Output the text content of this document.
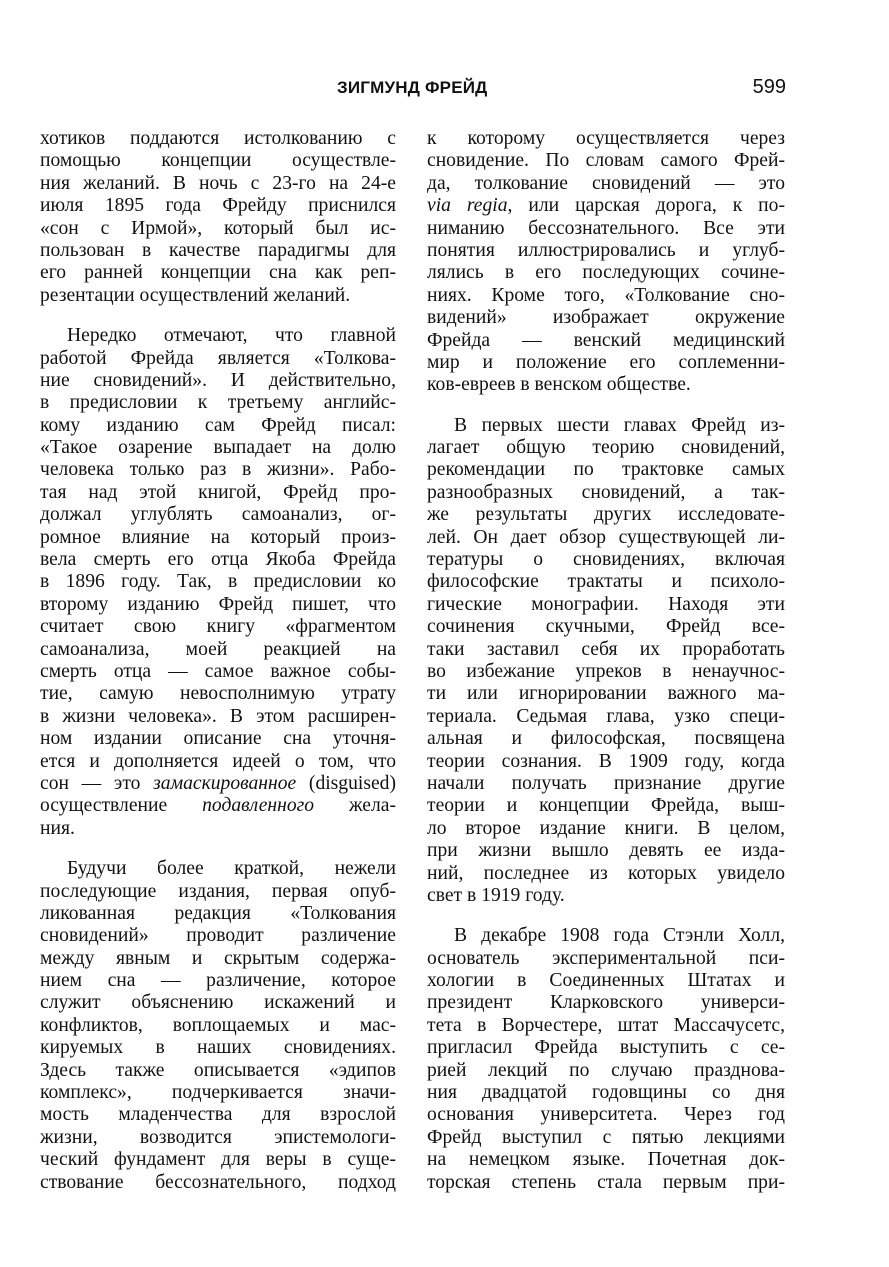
ЗИГМУНД ФРЕЙД	599
хотиков поддаются истолкованию с
помощью концепции осуществле-
ния желаний. В ночь с 23-го на 24-е
июля 1895 года Фрейду приснился
«сон с Ирмой», который был ис-
пользован в качестве парадигмы для
его ранней концепции сна как реп-
резентации осуществлений желаний.
Нередко отмечают, что главной
работой Фрейда является «Толкова-
ние сновидений». И действительно,
в предисловии к третьему английс-
кому изданию сам Фрейд писал:
«Такое озарение выпадает на долю
человека только раз в жизни». Рабо-
тая над этой книгой, Фрейд про-
должал углублять самоанализ, ог-
ромное влияние на который произ-
вела смерть его отца Якоба Фрейда
в 1896 году. Так, в предисловии ко
второму изданию Фрейд пишет, что
считает свою книгу «фрагментом
самоанализа, моей реакцией на
смерть отца — самое важное собы-
тие, самую невосполнимую утрату
в жизни человека». В этом расширен-
ном издании описание сна уточня-
ется и дополняется идеей о том, что
сон — это замаскированное (disguised)
осуществление подавленного жела-
ния.
Будучи более краткой, нежели
последующие издания, первая опуб-
ликованная редакция «Толкования
сновидений» проводит различение
между явным и скрытым содержа-
нием сна — различение, которое
служит объяснению искажений и
конфликтов, воплощаемых и мас-
кируемых в наших сновидениях.
Здесь также описывается «эдипов
комплекс», подчеркивается значи-
мость младенчества для взрослой
жизни, возводится эпистемологи-
ческий фундамент для веры в суще-
ствование бессознательного, подход
к которому осуществляется через
сновидение. По словам самого Фрей-
да, толкование сновидений — это
via regia, или царская дорога, к по-
ниманию бессознательного. Все эти
понятия иллюстрировались и углуб-
лялись в его последующих сочине-
ниях. Кроме того, «Толкование сно-
видений» изображает окружение
Фрейда — венский медицинский
мир и положение его соплеменни-
ков-евреев в венском обществе.
В первых шести главах Фрейд из-
лагает общую теорию сновидений,
рекомендации по трактовке самых
разнообразных сновидений, а так-
же результаты других исследовате-
лей. Он дает обзор существующей ли-
тературы о сновидениях, включая
философские трактаты и психоло-
гические монографии. Находя эти
сочинения скучными, Фрейд все-
таки заставил себя их проработать
во избежание упреков в ненаучнос-
ти или игнорировании важного ма-
териала. Седьмая глава, узко специ-
альная и философская, посвящена
теории сознания. В 1909 году, когда
начали получать признание другие
теории и концепции Фрейда, выш-
ло второе издание книги. В целом,
при жизни вышло девять ее изда-
ний, последнее из которых увидело
свет в 1919 году.
В декабре 1908 года Стэнли Холл,
основатель экспериментальной пси-
хологии в Соединенных Штатах и
президент Кларковского универси-
тета в Ворчестере, штат Массачусетс,
пригласил Фрейда выступить с се-
рией лекций по случаю празднова-
ния двадцатой годовщины со дня
основания университета. Через год
Фрейд выступил с пятью лекциями
на немецком языке. Почетная док-
торская степень стала первым при-
